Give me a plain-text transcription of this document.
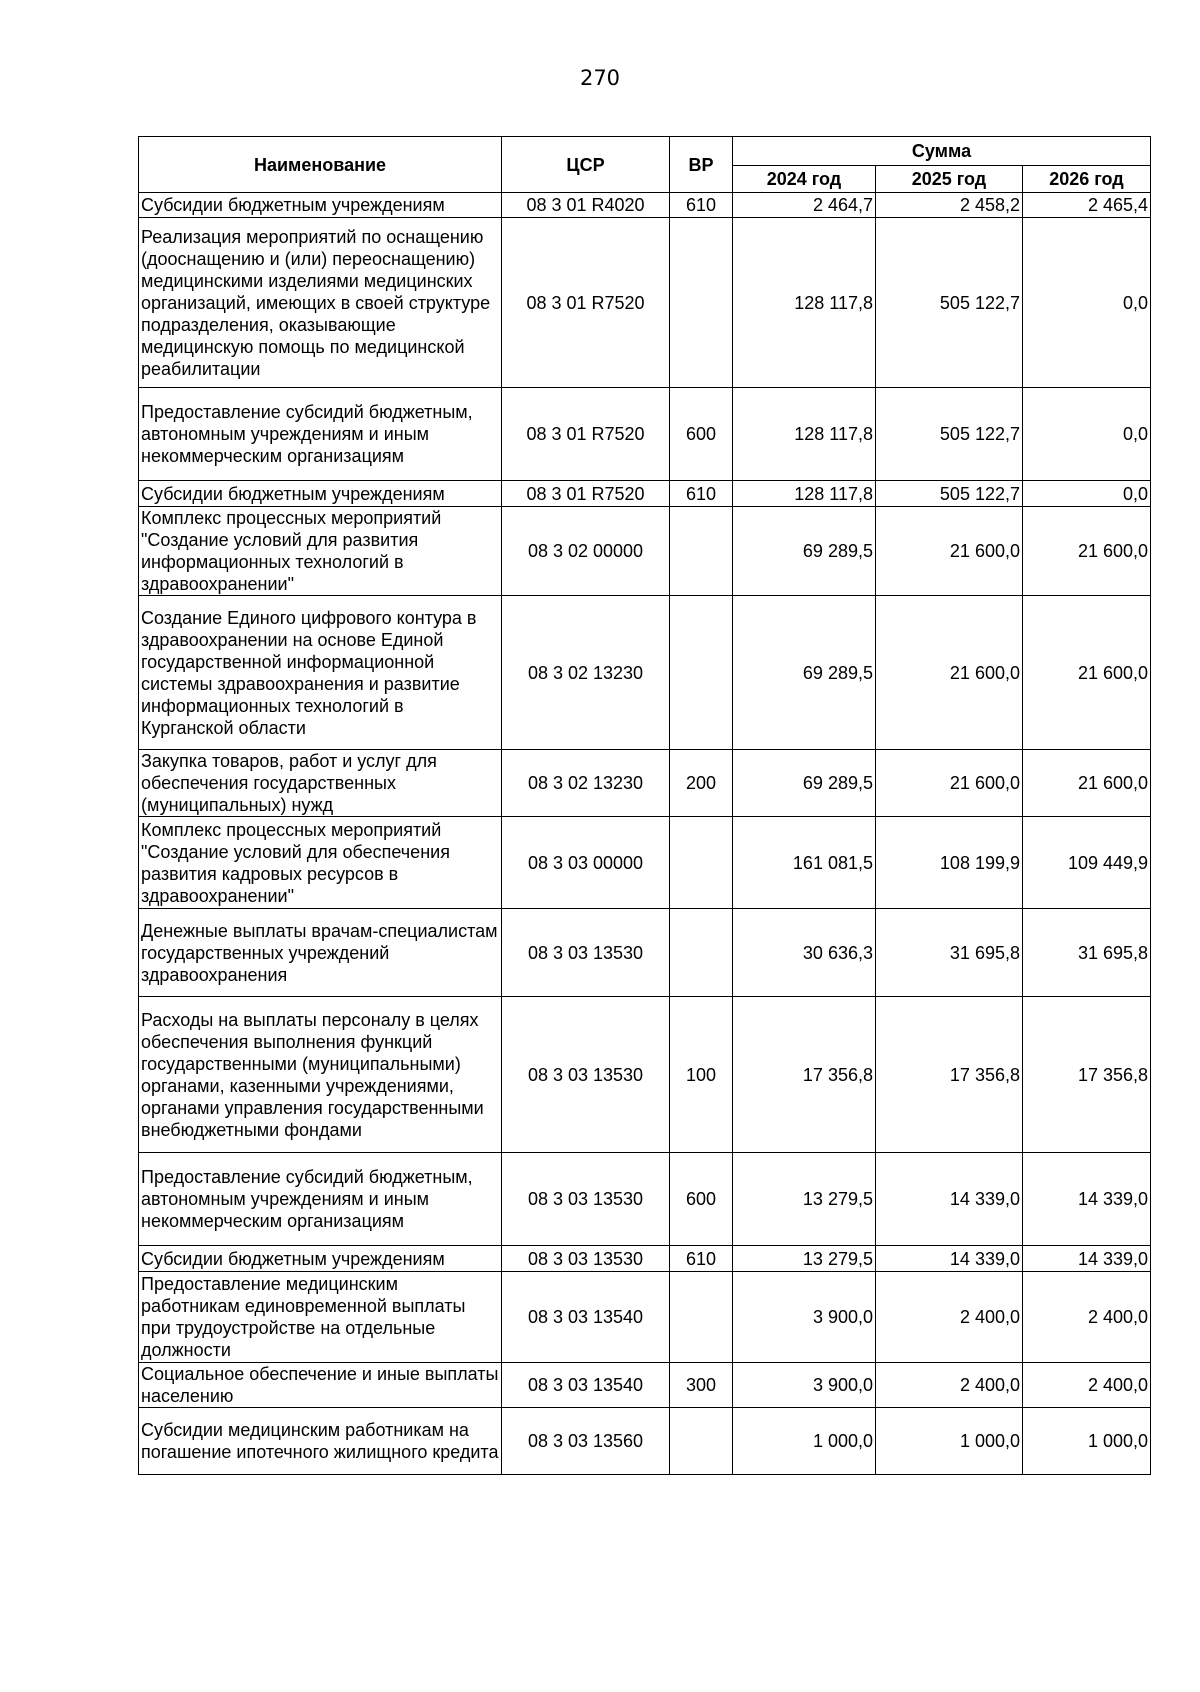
270
Наименование	ЦСР	ВР	Сумма		
			2024 год	2025 год	2026 год
Субсидии бюджетным учреждениям	08 3 01 R4020	610	2 464,7	2 458,2	2 465,4
Реализация мероприятий по оснащению (дооснащению и (или) переоснащению) медицинскими изделиями медицинских организаций, имеющих в своей структуре подразделения, оказывающие медицинскую помощь по медицинской реабилитации	08 3 01 R7520		128 117,8	505 122,7	0,0
Предоставление субсидий бюджетным, автономным учреждениям и иным некоммерческим организациям	08 3 01 R7520	600	128 117,8	505 122,7	0,0
Субсидии бюджетным учреждениям	08 3 01 R7520	610	128 117,8	505 122,7	0,0
Комплекс процессных мероприятий "Создание условий для развития информационных технологий в здравоохранении"	08 3 02 00000		69 289,5	21 600,0	21 600,0
Создание Единого цифрового контура в здравоохранении на основе Единой государственной информационной системы здравоохранения и развитие информационных технологий в Курганской области	08 3 02 13230		69 289,5	21 600,0	21 600,0
Закупка товаров, работ и услуг для обеспечения государственных (муниципальных) нужд	08 3 02 13230	200	69 289,5	21 600,0	21 600,0
Комплекс процессных мероприятий "Создание условий для обеспечения развития кадровых ресурсов в здравоохранении"	08 3 03 00000		161 081,5	108 199,9	109 449,9
Денежные выплаты врачам-специалистам государственных учреждений здравоохранения	08 3 03 13530		30 636,3	31 695,8	31 695,8
Расходы на выплаты персоналу в целях обеспечения выполнения функций государственными (муниципальными) органами, казенными учреждениями, органами управления государственными внебюджетными фондами	08 3 03 13530	100	17 356,8	17 356,8	17 356,8
Предоставление субсидий бюджетным, автономным учреждениям и иным некоммерческим организациям	08 3 03 13530	600	13 279,5	14 339,0	14 339,0
Субсидии бюджетным учреждениям	08 3 03 13530	610	13 279,5	14 339,0	14 339,0
Предоставление медицинским работникам единовременной выплаты при трудоустройстве на отдельные должности	08 3 03 13540		3 900,0	2 400,0	2 400,0
Социальное обеспечение и иные выплаты населению	08 3 03 13540	300	3 900,0	2 400,0	2 400,0
Субсидии медицинским работникам на погашение ипотечного жилищного кредита	08 3 03 13560		1 000,0	1 000,0	1 000,0
